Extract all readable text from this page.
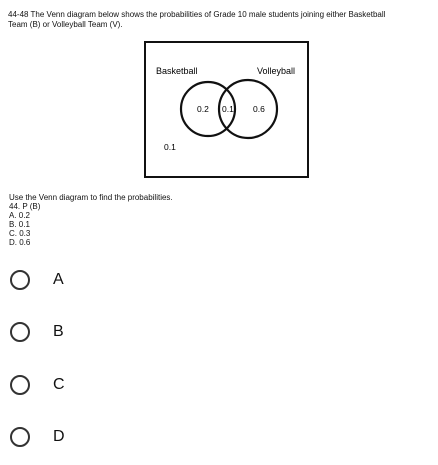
44-48 The Venn diagram below shows the probabilities of Grade 10 male students joining either Basketball
Team (B) or Volleyball Team (V).
Basketball	Volleyball
0.2 0.1 0.6
0.1
Use the Venn diagram to find the probabilities.
44. P (B)
A. 0.2
B. 0.1
C. 0.3
D. 0.6
A
B
C
D
